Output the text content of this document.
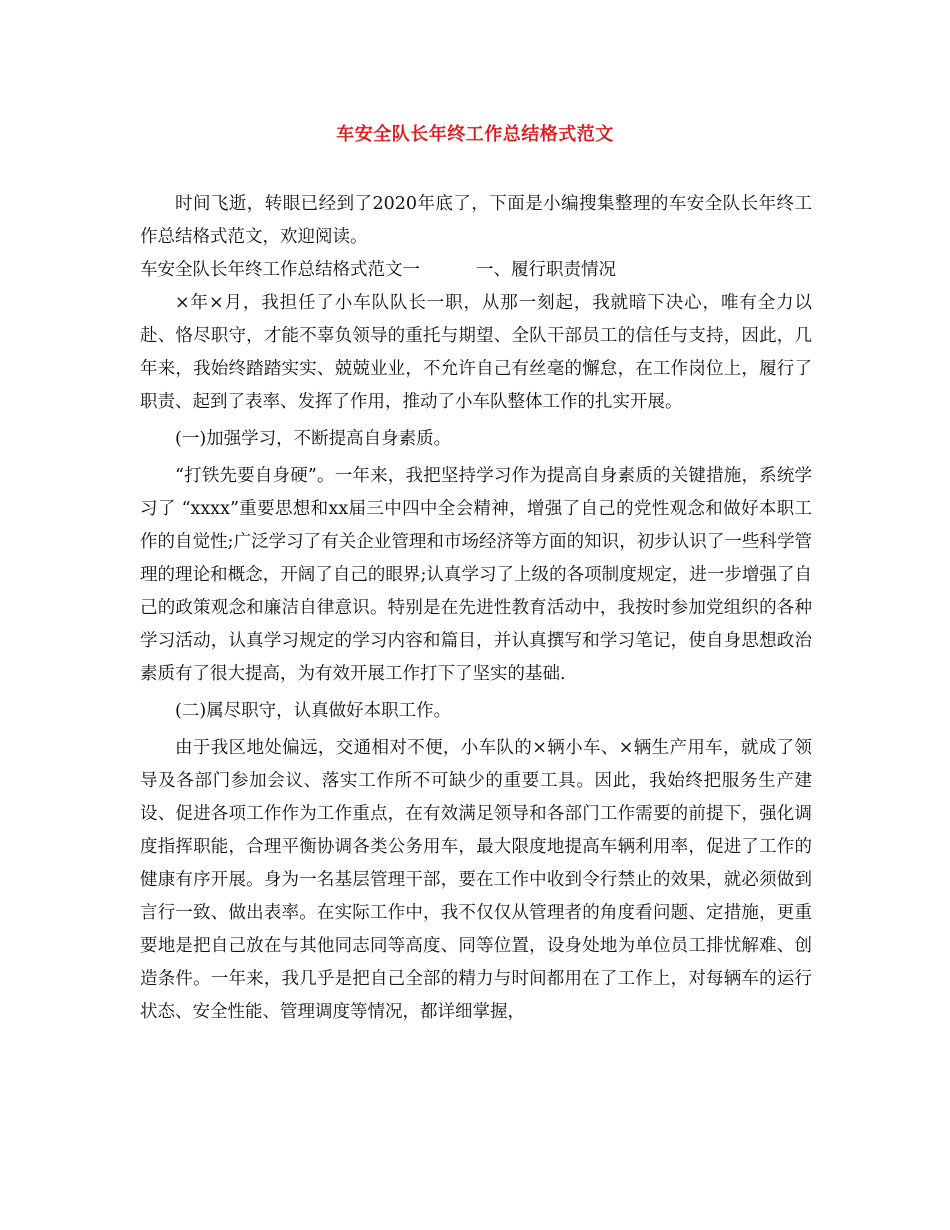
车安全队长年终工作总结格式范文

时间飞逝，转眼已经到了2020年底了，下面是小编搜集整理的车安全队长年终工作总结格式范文，欢迎阅读。

车安全队长年终工作总结格式范文一	一、履行职责情况

×年×月，我担任了小车队队长一职，从那一刻起，我就暗下决心，唯有全力以赴、恪尽职守，才能不辜负领导的重托与期望、全队干部员工的信任与支持，因此，几年来，我始终踏踏实实、兢兢业业，不允许自己有丝毫的懈怠，在工作岗位上，履行了职责、起到了表率、发挥了作用，推动了小车队整体工作的扎实开展。

(一)加强学习，不断提高自身素质。

“打铁先要自身硬”。一年来，我把坚持学习作为提高自身素质的关键措施，系统学习了 “xxxx”重要思想和xx届三中四中全会精神，增强了自己的党性观念和做好本职工作的自觉性;广泛学习了有关企业管理和市场经济等方面的知识，初步认识了一些科学管理的理论和概念，开阔了自己的眼界;认真学习了上级的各项制度规定，进一步增强了自己的政策观念和廉洁自律意识。特别是在先进性教育活动中，我按时参加党组织的各种学习活动，认真学习规定的学习内容和篇目，并认真撰写和学习笔记，使自身思想政治素质有了很大提高，为有效开展工作打下了坚实的基础.

(二)属尽职守，认真做好本职工作。

由于我区地处偏远，交通相对不便，小车队的×辆小车、×辆生产用车，就成了领导及各部门参加会议、落实工作所不可缺少的重要工具。因此，我始终把服务生产建设、促进各项工作作为工作重点，在有效满足领导和各部门工作需要的前提下，强化调度指挥职能，合理平衡协调各类公务用车，最大限度地提高车辆利用率，促进了工作的健康有序开展。身为一名基层管理干部，要在工作中收到令行禁止的效果，就必须做到言行一致、做出表率。在实际工作中，我不仅仅从管理者的角度看问题、定措施，更重要地是把自己放在与其他同志同等高度、同等位置，设身处地为单位员工排忧解难、创造条件。一年来，我几乎是把自己全部的精力与时间都用在了工作上，对每辆车的运行状态、安全性能、管理调度等情况，都详细掌握，
